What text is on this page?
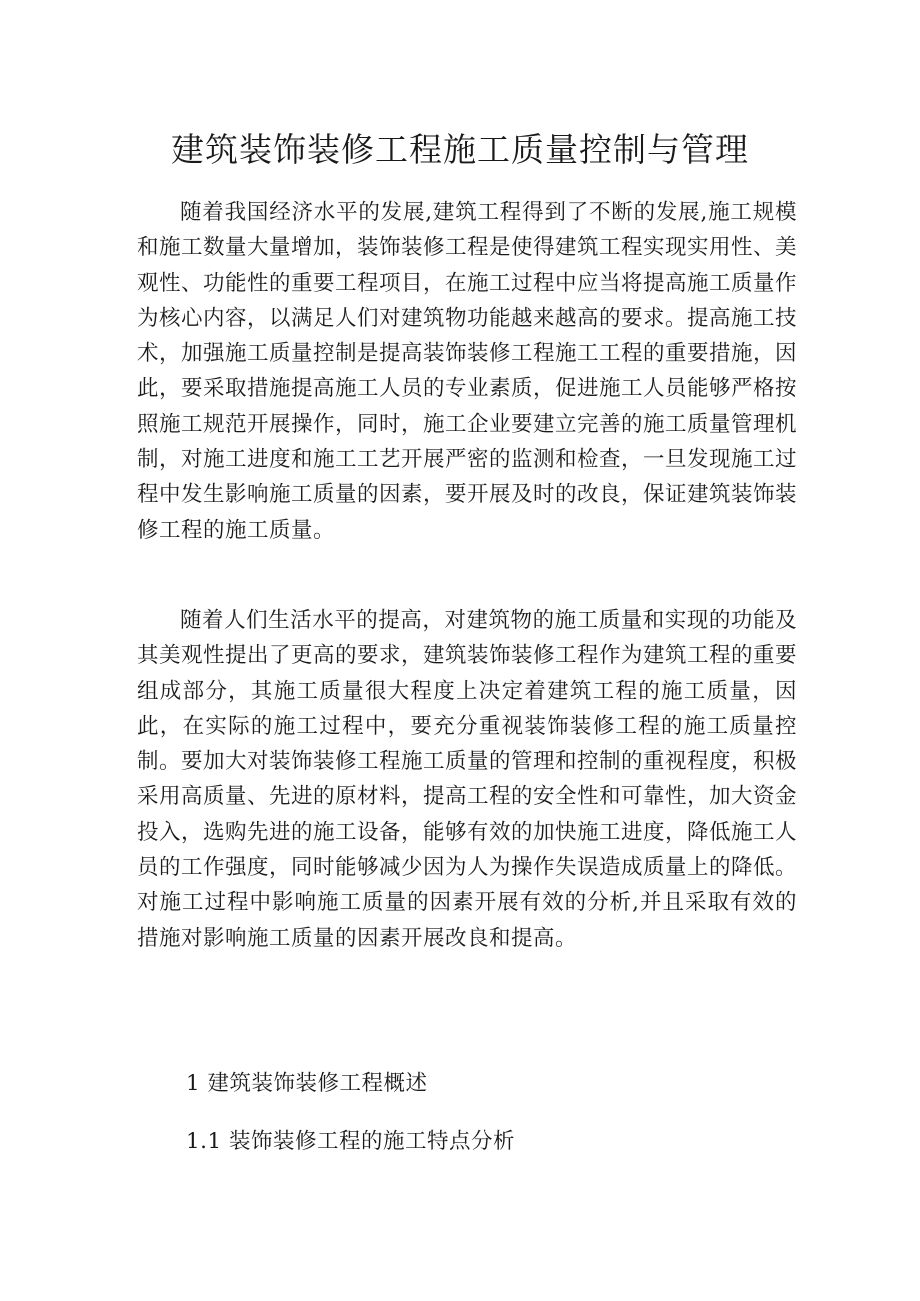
建筑装饰装修工程施工质量控制与管理

随着我国经济水平的发展,建筑工程得到了不断的发展,施工规模和施工数量大量增加，装饰装修工程是使得建筑工程实现实用性、美观性、功能性的重要工程项目，在施工过程中应当将提高施工质量作为核心内容，以满足人们对建筑物功能越来越高的要求。提高施工技术，加强施工质量控制是提高装饰装修工程施工工程的重要措施，因此，要采取措施提高施工人员的专业素质，促进施工人员能够严格按照施工规范开展操作，同时，施工企业要建立完善的施工质量管理机制，对施工进度和施工工艺开展严密的监测和检查，一旦发现施工过程中发生影响施工质量的因素，要开展及时的改良，保证建筑装饰装修工程的施工质量。

随着人们生活水平的提高，对建筑物的施工质量和实现的功能及其美观性提出了更高的要求，建筑装饰装修工程作为建筑工程的重要组成部分，其施工质量很大程度上决定着建筑工程的施工质量，因此，在实际的施工过程中，要充分重视装饰装修工程的施工质量控制。要加大对装饰装修工程施工质量的管理和控制的重视程度，积极采用高质量、先进的原材料，提高工程的安全性和可靠性，加大资金投入，选购先进的施工设备，能够有效的加快施工进度，降低施工人员的工作强度，同时能够减少因为人为操作失误造成质量上的降低。对施工过程中影响施工质量的因素开展有效的分析,并且采取有效的措施对影响施工质量的因素开展改良和提高。

1 建筑装饰装修工程概述
1.1 装饰装修工程的施工特点分析
